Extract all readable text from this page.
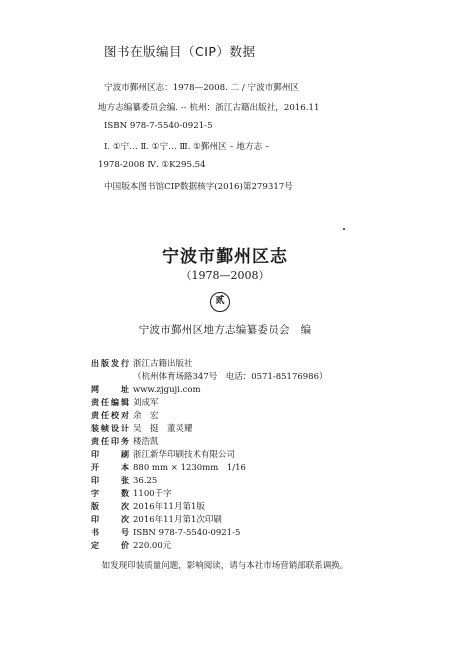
图书在版编目（CIP）数据
宁波市鄞州区志：1978—2008. 二 / 宁波市鄞州区
地方志编纂委员会编. -- 杭州：浙江古籍出版社，2016.11
ISBN 978-7-5540-0921-5
Ⅰ. ①宁… Ⅱ. ①宁… Ⅲ. ①鄞州区 – 地方志 –
1978-2008 Ⅳ. ①K295.54
中国版本图书馆CIP数据核字(2016)第279317号
宁波市鄞州区志
（1978—2008）
贰
宁波市鄞州区地方志编纂委员会　编
出版发行 浙江古籍出版社
（杭州体育场路347号　电话：0571-85176986）
网　址 www.zjguji.com
责任编辑 刘成军
责任校对 余　宏
装帧设计 吴　挺　董灵耀
责任印务 楼浩凯
印　刷 浙江新华印刷技术有限公司
开　本 880 mm × 1230mm　1/16
印　张 36.25
字　数 1100千字
版　次 2016年11月第1版
印　次 2016年11月第1次印刷
书　号 ISBN 978-7-5540-0921-5
定　价 220.00元
如发现印装质量问题，影响阅读，请与本社市场营销部联系调换。
